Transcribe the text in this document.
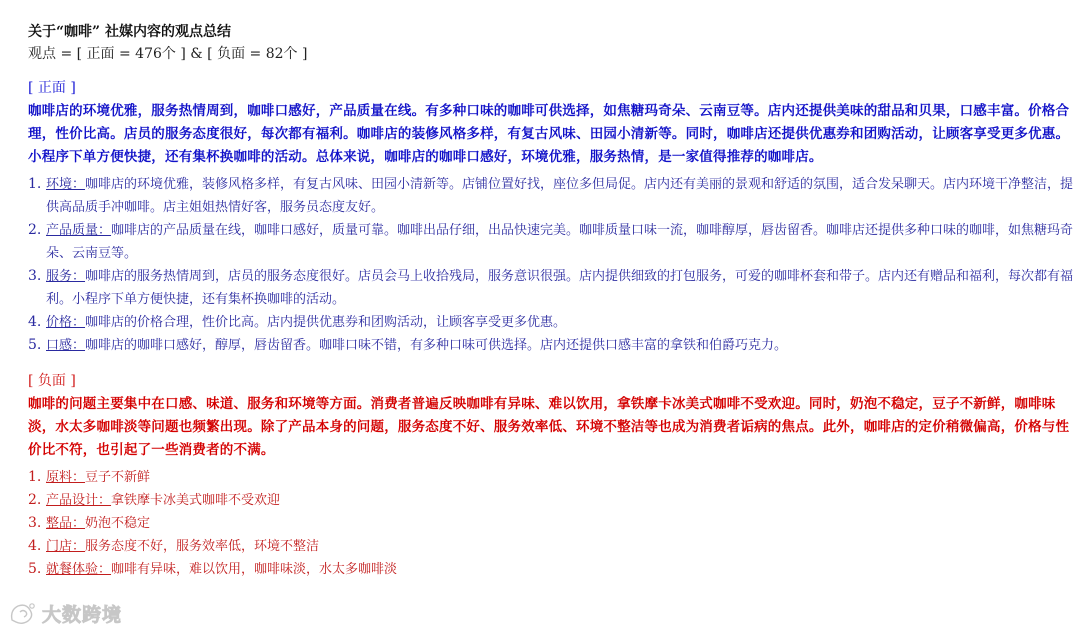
关于“咖啡” 社媒内容的观点总结
观点 = [ 正面 = 476个 ] & [ 负面 = 82个 ]
[ 正面 ]
咖啡店的环境优雅，服务热情周到，咖啡口感好，产品质量在线。有多种口味的咖啡可供选择，如焦糖玛奇朵、云南豆等。店内还提供美味的甜品和贝果，口感丰富。价格合理，性价比高。店员的服务态度很好，每次都有福利。咖啡店的装修风格多样，有复古风味、田园小清新等。同时，咖啡店还提供优惠券和团购活动，让顾客享受更多优惠。小程序下单方便快捷，还有集杯换咖啡的活动。总体来说，咖啡店的咖啡口感好，环境优雅，服务热情，是一家值得推荐的咖啡店。
1. 环境：咖啡店的环境优雅，装修风格多样，有复古风味、田园小清新等。店铺位置好找，座位多但局促。店内还有美丽的景观和舒适的氛围，适合发呆聊天。店内环境干净整洁，提供高品质手冲咖啡。店主姐姐热情好客，服务员态度友好。
2. 产品质量：咖啡店的产品质量在线，咖啡口感好，质量可靠。咖啡出品仔细，出品快速完美。咖啡质量口味一流，咖啡醇厚，唇齿留香。咖啡店还提供多种口味的咖啡，如焦糖玛奇朵、云南豆等。
3. 服务：咖啡店的服务热情周到，店员的服务态度很好。店员会马上收拾残局，服务意识很强。店内提供细致的打包服务，可爱的咖啡杯套和带子。店内还有赠品和福利，每次都有福利。小程序下单方便快捷，还有集杯换咖啡的活动。
4. 价格：咖啡店的价格合理，性价比高。店内提供优惠券和团购活动，让顾客享受更多优惠。
5. 口感：咖啡店的咖啡口感好，醇厚，唇齿留香。咖啡口味不错，有多种口味可供选择。店内还提供口感丰富的拿铁和伯爵巧克力。
[ 负面 ]
咖啡的问题主要集中在口感、味道、服务和环境等方面。消费者普遍反映咖啡有异味、难以饮用，拿铁摩卡冰美式咖啡不受欢迎。同时，奶泡不稳定，豆子不新鲜，咖啡味淡，水太多咖啡淡等问题也频繁出现。除了产品本身的问题，服务态度不好、服务效率低、环境不整洁等也成为消费者诟病的焦点。此外，咖啡店的定价稍微偏高，价格与性价比不符，也引起了一些消费者的不满。
1. 原料：豆子不新鲜
2. 产品设计：拿铁摩卡冰美式咖啡不受欢迎
3. 整品：奶泡不稳定
4. 门店：服务态度不好，服务效率低，环境不整洁
5. 就餐体验：咖啡有异味，难以饮用，咖啡味淡，水太多咖啡淡
大数跨境
